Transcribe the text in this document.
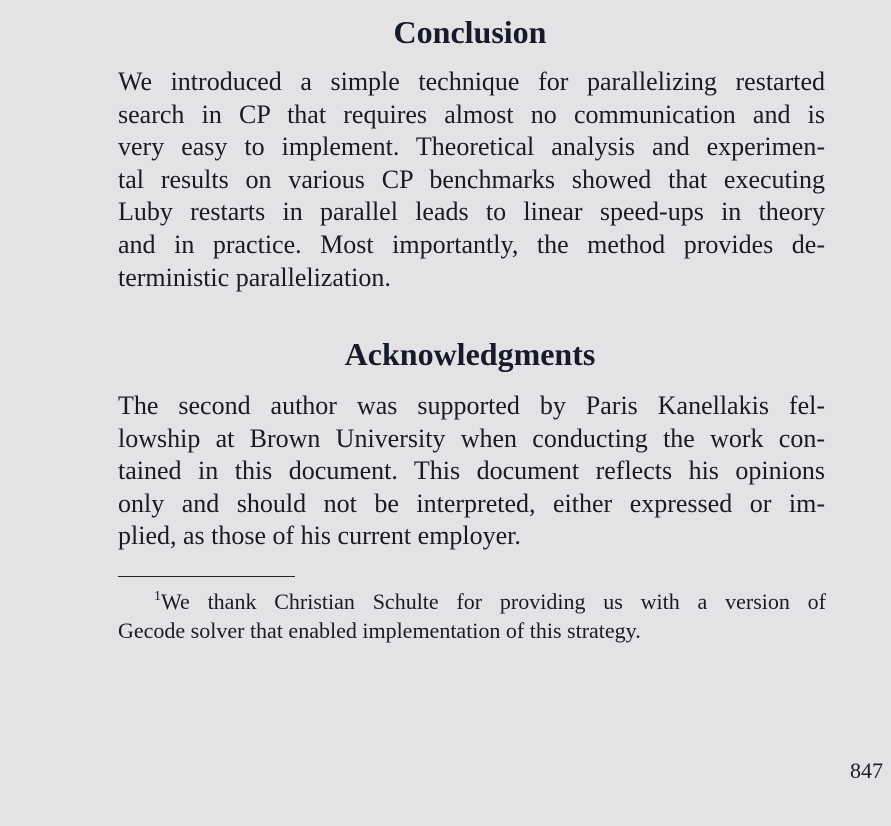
Conclusion
We introduced a simple technique for parallelizing restarted
search in CP that requires almost no communication and is
very easy to implement. Theoretical analysis and experimen-
tal results on various CP benchmarks showed that executing
Luby restarts in parallel leads to linear speed-ups in theory
and in practice. Most importantly, the method provides de-
terministic parallelization.
Acknowledgments
The second author was supported by Paris Kanellakis fel-
lowship at Brown University when conducting the work con-
tained in this document. This document reflects his opinions
only and should not be interpreted, either expressed or im-
plied, as those of his current employer.
$^1$We thank Christian Schulte for providing us with a version of
Gecode solver that enabled implementation of this strategy.
847
